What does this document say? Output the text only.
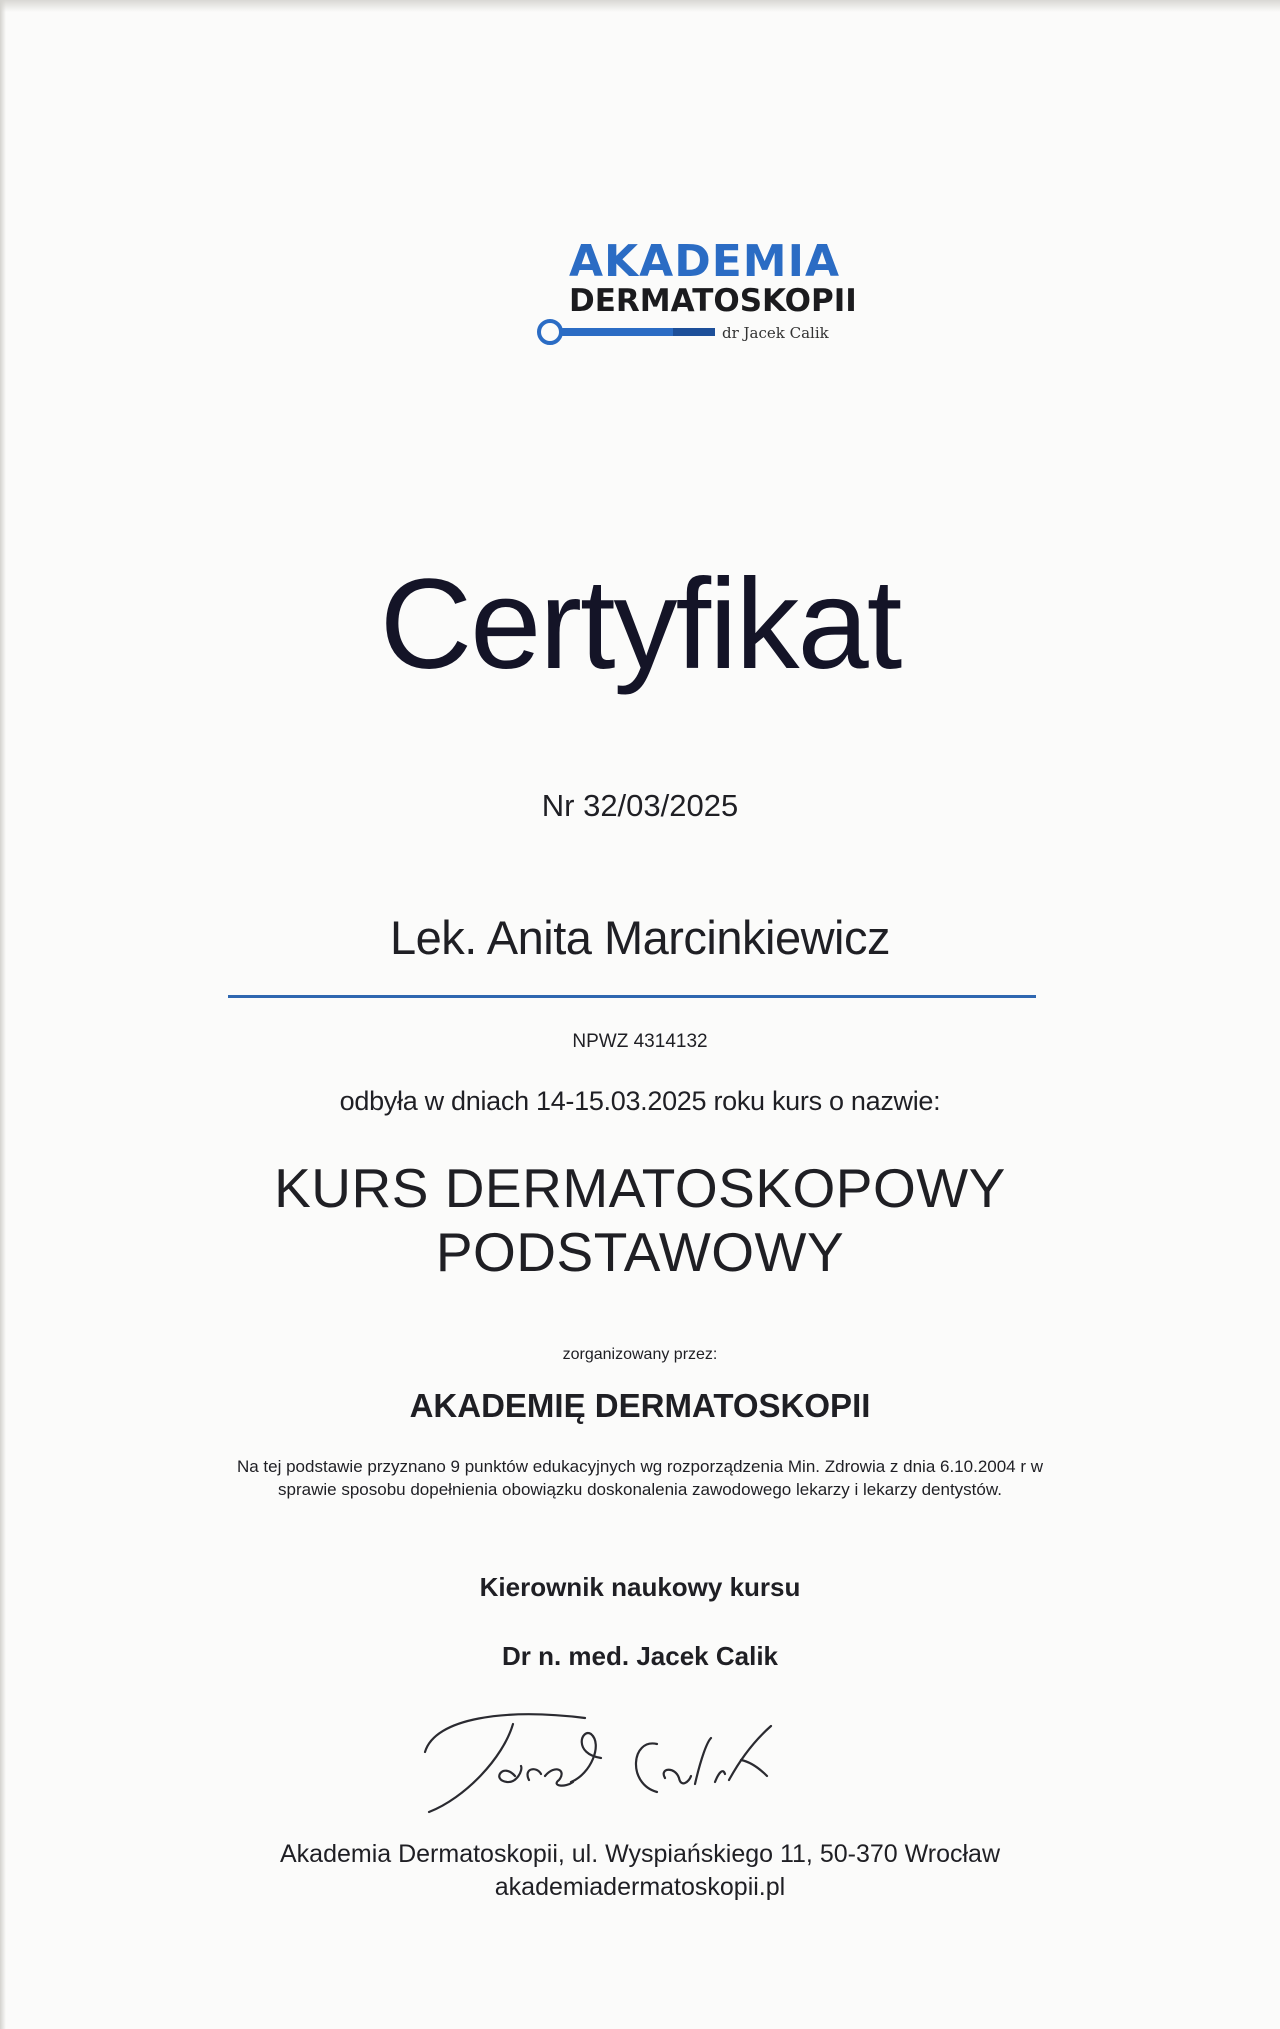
AKADEMIA
DERMATOSKOPII
dr Jacek Calik
Certyfikat
Nr 32/03/2025
Lek. Anita Marcinkiewicz
NPWZ 4314132
odbyła w dniach 14-15.03.2025 roku kurs o nazwie:
KURS DERMATOSKOPOWY
PODSTAWOWY
zorganizowany przez:
AKADEMIĘ DERMATOSKOPII
Na tej podstawie przyznano 9 punktów edukacyjnych wg rozporządzenia Min. Zdrowia z dnia 6.10.2004 r w
sprawie sposobu dopełnienia obowiązku doskonalenia zawodowego lekarzy i lekarzy dentystów.
Kierownik naukowy kursu
Dr n. med. Jacek Calik
Akademia Dermatoskopii, ul. Wyspiańskiego 11, 50-370 Wrocław
akademiadermatoskopii.pl
